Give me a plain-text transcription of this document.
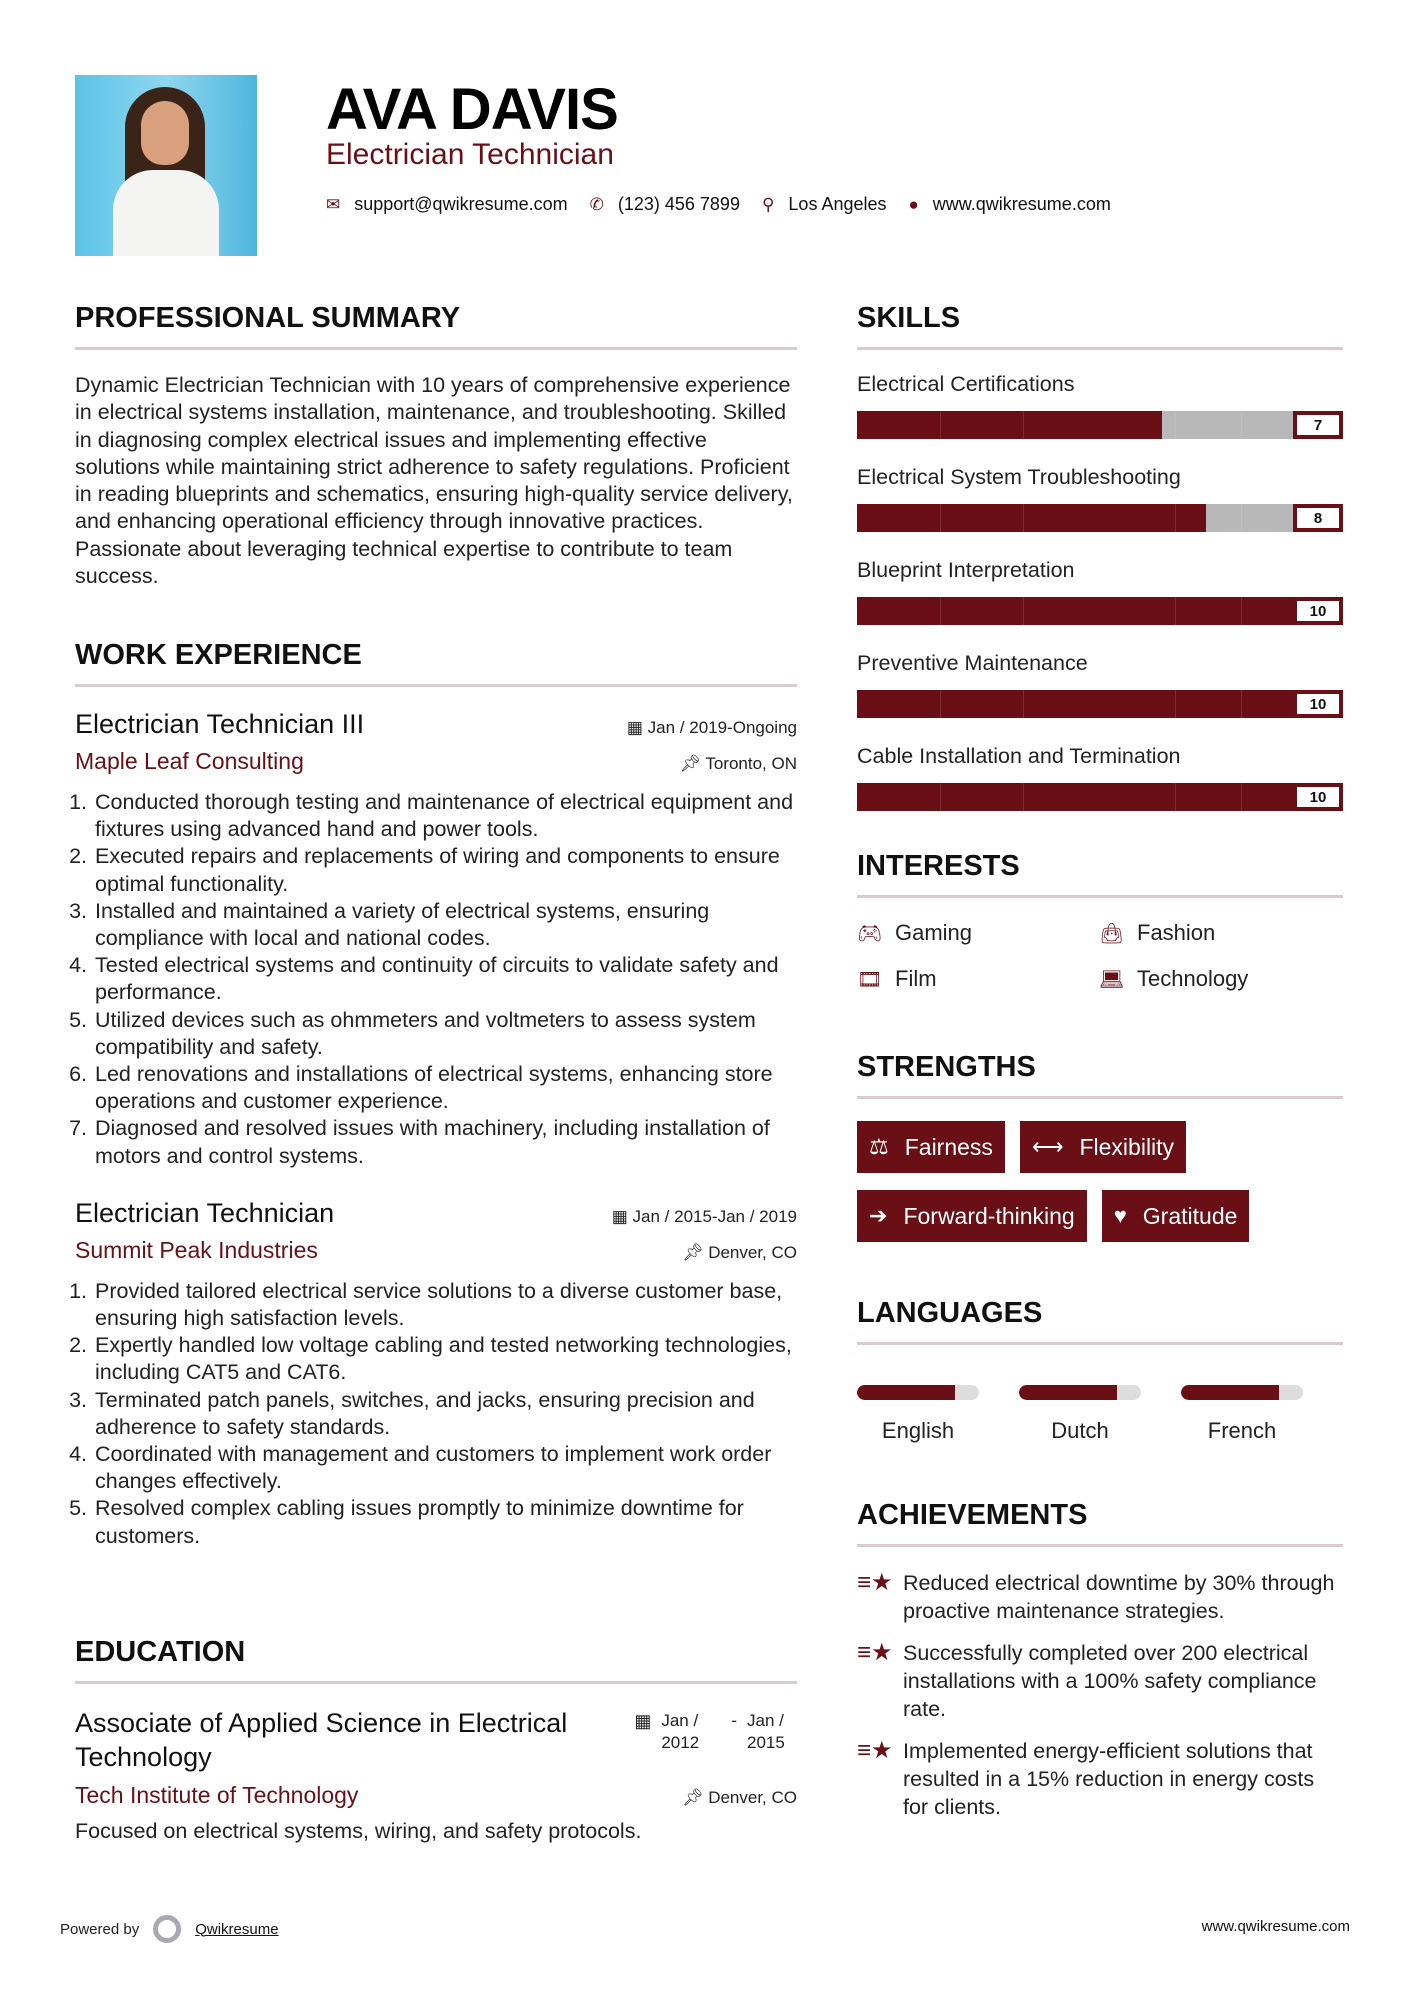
AVA DAVIS
Electrician Technician
✉ support@qwikresume.com ✆ (123) 456 7899 ⚲ Los Angeles ● www.qwikresume.com
PROFESSIONAL SUMMARY

Dynamic Electrician Technician with 10 years of comprehensive experience in electrical systems installation, maintenance, and troubleshooting. Skilled in diagnosing complex electrical issues and implementing effective solutions while maintaining strict adherence to safety regulations. Proficient in reading blueprints and schematics, ensuring high-quality service delivery, and enhancing operational efficiency through innovative practices. Passionate about leveraging technical expertise to contribute to team success.

WORK EXPERIENCE
Electrician Technician III	▦ Jan / 2019-Ongoing
Maple Leaf Consulting	📌︎ Toronto, ON
1. Conducted thorough testing and maintenance of electrical equipment and fixtures using advanced hand and power tools.
2. Executed repairs and replacements of wiring and components to ensure optimal functionality.
3. Installed and maintained a variety of electrical systems, ensuring compliance with local and national codes.
4. Tested electrical systems and continuity of circuits to validate safety and performance.
5. Utilized devices such as ohmmeters and voltmeters to assess system compatibility and safety.
6. Led renovations and installations of electrical systems, enhancing store operations and customer experience.
7. Diagnosed and resolved issues with machinery, including installation of motors and control systems.
Electrician Technician	▦ Jan / 2015-Jan / 2019
Summit Peak Industries	📌︎ Denver, CO
1. Provided tailored electrical service solutions to a diverse customer base, ensuring high satisfaction levels.
2. Expertly handled low voltage cabling and tested networking technologies, including CAT5 and CAT6.
3. Terminated patch panels, switches, and jacks, ensuring precision and adherence to safety standards.
4. Coordinated with management and customers to implement work order changes effectively.
5. Resolved complex cabling issues promptly to minimize downtime for customers.
EDUCATION
Associate of Applied Science in Electrical Technology
▦ Jan / 2012
- Jan / 2015
Tech Institute of Technology	📌︎ Denver, CO

Focused on electrical systems, wiring, and safety protocols.

SKILLS
Electrical Certifications
7
Electrical System Troubleshooting
8
Blueprint Interpretation
10
Preventive Maintenance
10
Cable Installation and Termination
10
INTERESTS
🎮︎ Gaming	👜︎ Fashion
🎞︎ Film	💻︎ Technology
STRENGTHS
⚖ Fairness ⟷ Flexibility
➔ Forward-thinking ♥ Gratitude
LANGUAGES
English	Dutch	French
ACHIEVEMENTS
≡★ Reduced electrical downtime by 30% through proactive maintenance strategies.
≡★ Successfully completed over 200 electrical installations with a 100% safety compliance rate.
≡★ Implemented energy-efficient solutions that resulted in a 15% reduction in energy costs for clients.
Powered by	Qwikresume	www.qwikresume.com
